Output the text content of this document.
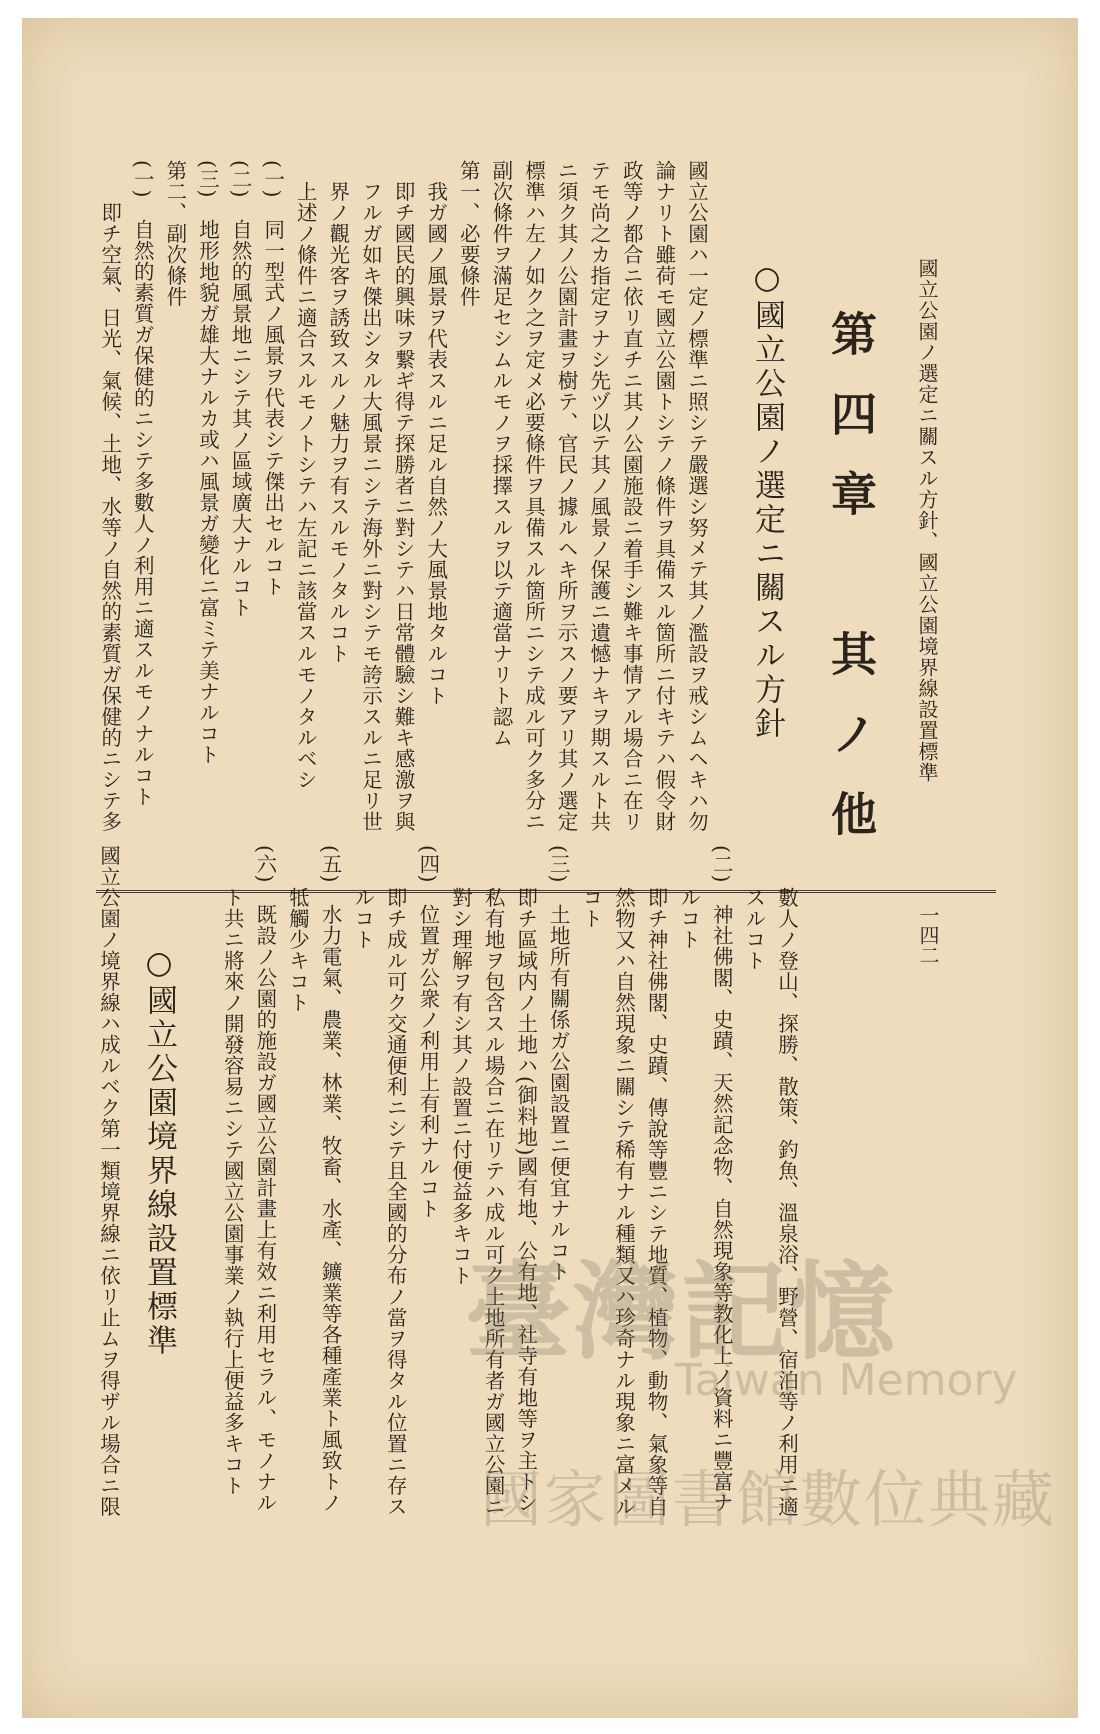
國立公園ノ選定ニ關スル方針、國立公園境界線設置標準
第四章　其ノ他
一四二
○國立公園ノ選定ニ關スル方針
國立公園ハ一定ノ標準ニ照シテ嚴選シ努メテ其ノ濫設ヲ戒シムヘキハ勿
論ナリト雖荷モ國立公園トシテノ條件ヲ具備スル箇所ニ付キテハ假令財
政等ノ都合ニ依リ直チニ其ノ公園施設ニ着手シ難キ事情アル場合ニ在リ
テモ尚之カ指定ヲナシ先ヅ以テ其ノ風景ノ保護ニ遺憾ナキヲ期スルト共
ニ須ク其ノ公園計畫ヲ樹テ、官民ノ據ルヘキ所ヲ示スノ要アリ其ノ選定
標準ハ左ノ如ク之ヲ定メ必要條件ヲ具備スル箇所ニシテ成ル可ク多分ニ
副次條件ヲ滿足セシムルモノヲ採擇スルヲ以テ適當ナリト認ム
第一、必要條件
　我ガ國ノ風景ヲ代表スルニ足ル自然ノ大風景地タルコト
　即チ國民的興味ヲ繋ギ得テ探勝者ニ對シテハ日常體驗シ難キ感激ヲ與
　フルガ如キ傑出シタル大風景ニシテ海外ニ對シテモ誇示スルニ足リ世
　界ノ觀光客ヲ誘致スルノ魅力ヲ有スルモノタルコト
　上述ノ條件ニ適合スルモノトシテハ左記ニ該當スルモノタルベシ
(一)　同一型式ノ風景ヲ代表シテ傑出セルコト
(二)　自然的風景地ニシテ其ノ區域廣大ナルコト
(三)　地形地貌ガ雄大ナルカ或ハ風景ガ變化ニ富ミテ美ナルコト
第二、副次條件
(一)　自然的素質ガ保健的ニシテ多數人ノ利用ニ適スルモノナルコト
　　即チ空氣、日光、氣候、土地、水等ノ自然的素質ガ保健的ニシテ多
　　數人ノ登山、探勝、散策、釣魚、溫泉浴、野營、宿泊等ノ利用ニ適
　　スルコト
(二)　神社佛閣、史蹟、天然記念物、自然現象等教化上ノ資料ニ豐富ナ
　　ルコト
　　即チ神社佛閣、史蹟、傳說等豐ニシテ地質、植物、動物、氣象等自
　　然物又ハ自然現象ニ關シテ稀有ナル種類又ハ珍奇ナル現象ニ富メル
　　コト
(三)　土地所有關係ガ公園設置ニ便宜ナルコト
　　即チ區域内ノ土地ハ(御料地)國有地、公有地、社寺有地等ヲ主トシ
　　私有地ヲ包含スル場合ニ在リテハ成ル可ク土地所有者ガ國立公園ニ
　　對シ理解ヲ有シ其ノ設置ニ付便益多キコト
(四)　位置ガ公衆ノ利用上有利ナルコト
　　即チ成ル可ク交通便利ニシテ且全國的分布ノ當ヲ得タル位置ニ存ス
　　ルコト
(五)　水力電氣、農業、林業、牧畜、水產、鑛業等各種產業ト風致トノ
　　牴觸少キコト
(六)　既設ノ公園的施設ガ國立公園計畫上有效ニ利用セラル、モノナル
　　ト共ニ將來ノ開發容易ニシテ國立公園事業ノ執行上便益多キコト
○國立公園境界線設置標準
國立公園ノ境界線ハ成ルベク第一類境界線ニ依リ止ムヲ得ザル場合ニ限	臺灣記憶
Taiwan Memory
國家圖書館數位典藏
